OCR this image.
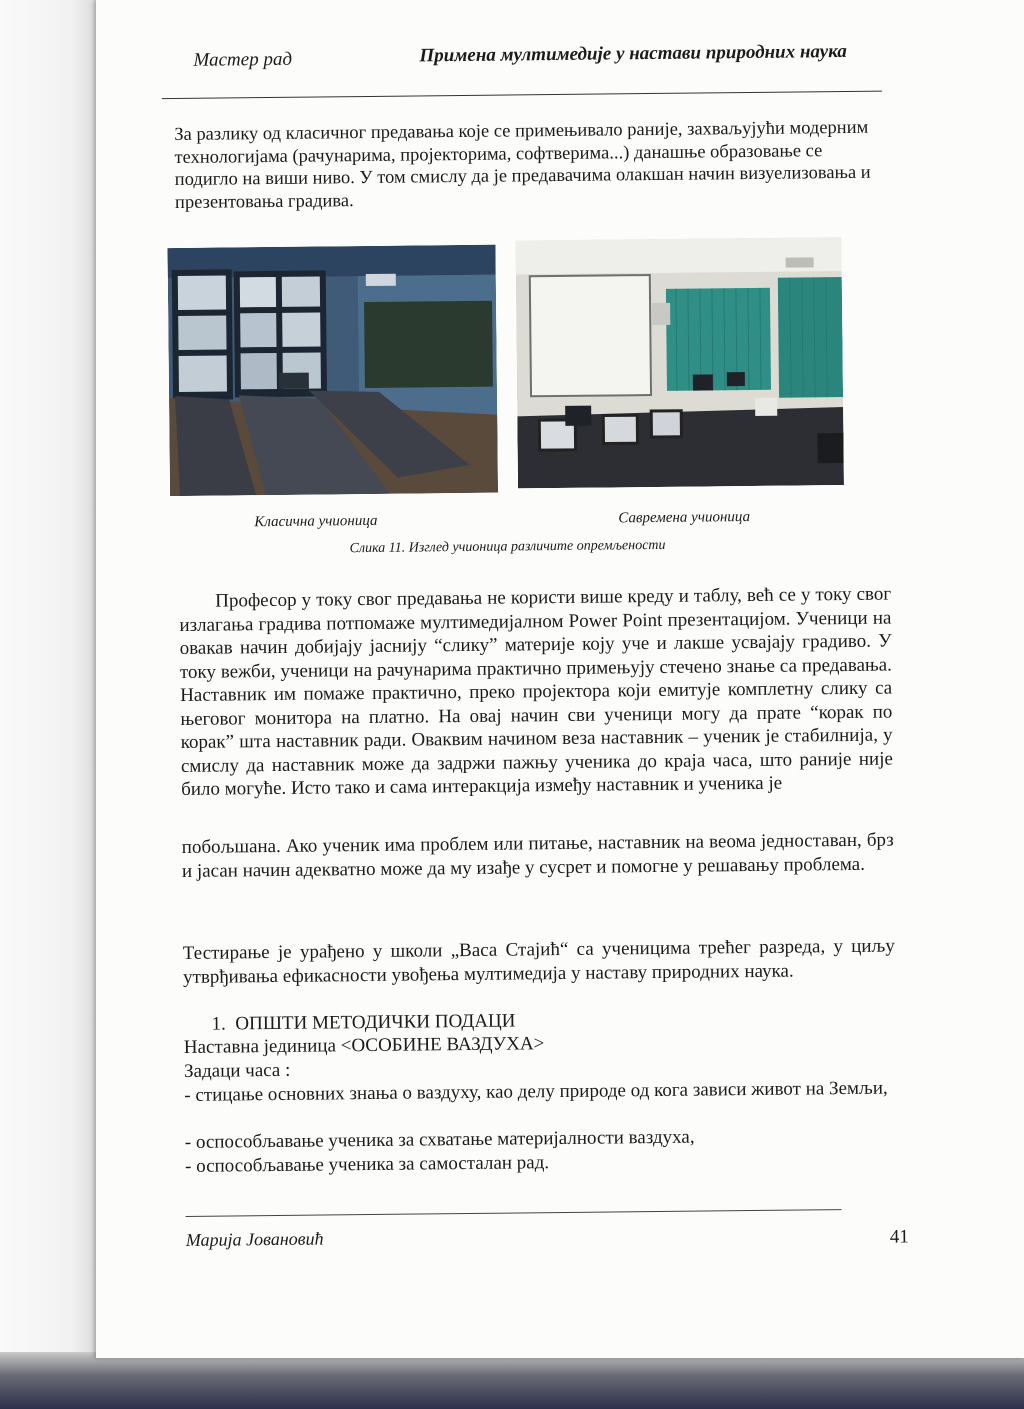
Мастер рад	Примена мултимедије у настави природних наука

За разлику од класичног предавања које се примењивало раније, захваљујући модерним технологијама (рачунарима, пројекторима, софтверима...) данашње образовање се подигло на виши ниво. У том смислу да је предавачима олакшан начин визуелизовања и презентовања градива.

Класична учионица	Савремена учионица
Слика 11. Изглед учионица различите опремљености

Професор у току свог предавања не користи више креду и таблу, већ се у току свог излагања градива потпомаже мултимедијалном Power Point презентацијом. Ученици на овакав начин добијају јаснију “слику” материје коју уче и лакше усвајају градиво. У току вежби, ученици на рачунарима практично примењују стечено знање са предавања. Наставник им помаже практично, преко пројектора који емитује комплетну слику са његовог монитора на платно. На овај начин сви ученици могу да прате “корак по корак” шта наставник ради. Оваквим начином веза наставник – ученик је стабилнија, у смислу да наставник може да задржи пажњу ученика до краја часа, што раније није било могуће. Исто тако и сама интеракција између наставник и ученика је

побољшана. Ако ученик има проблем или питање, наставник на веома једноставан, брз и јасан начин адекватно може да му изађе у сусрет и помогне у решавању проблема.

Тестирање је урађено у школи „Васа Стајић“ са ученицима трећег разреда, у циљу утврђивања ефикасности увођења мултимедија у наставу природних наука.

1. ОПШТИ МЕТОДИЧКИ ПОДАЦИ
Наставна јединица <ОСОБИНЕ ВАЗДУХА>
Задаци часа :
- стицање основних знања о ваздуху, као делу природе од кога зависи живот на Земљи,
- оспособљавање ученика за схватање материјалности ваздуха,
- оспособљавање ученика за самосталан рад.
Марија Јовановић	41
